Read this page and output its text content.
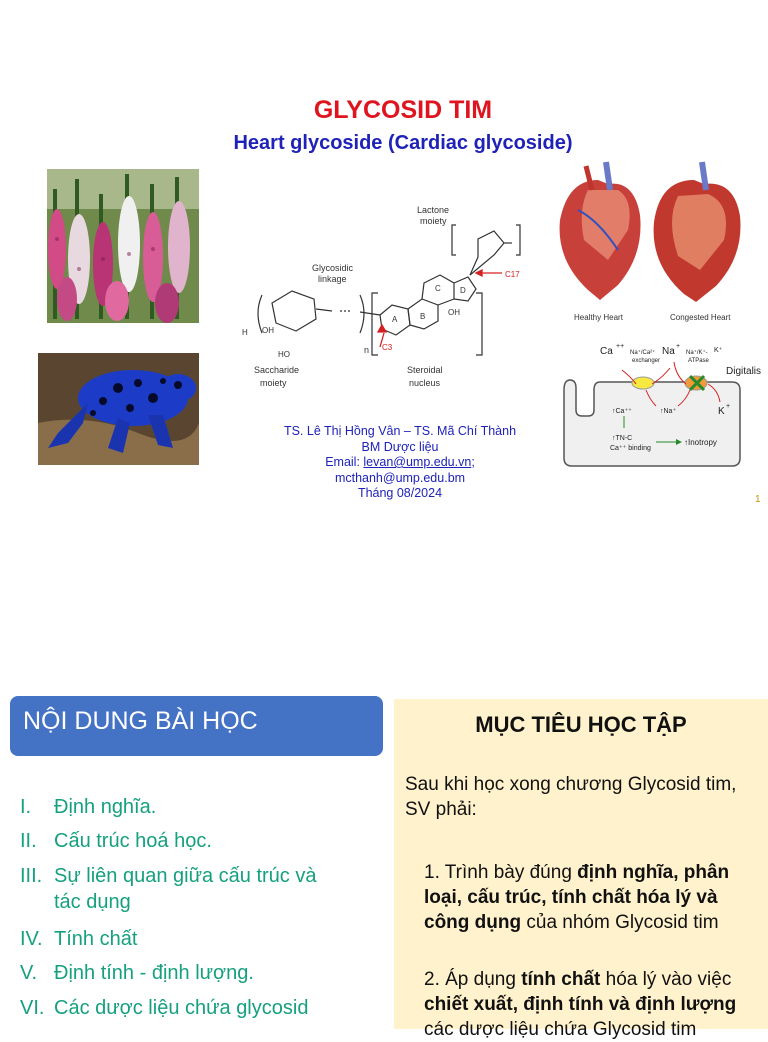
GLYCOSID TIM
Heart glycoside (Cardiac glycoside)
Lactone
moiety
Glycosidic
linkage	C17
C3
A	B
C D
OH
OH
HO
H
n
Saccharide
moiety
Steroidal
nucleus
Healthy Heart	Congested Heart
Ca ++
Na⁺/Ca²⁺
exchanger
Na +
Na⁺/K⁺-
ATPase
K⁺
Digitalis
↑Ca⁺⁺	↑Na⁺	K +
↑TN-C
Ca⁺⁺ binding
↑Inotropy
TS. Lê Thị Hồng Vân – TS. Mã Chí Thành
BM Dược liệu
Email: levan@ump.edu.vn;
mcthanh@ump.edu.bm
Tháng 08/2024	1
NỘI DUNG BÀI HỌC
I. Định nghĩa.
II. Cấu trúc hoá học.
III. Sự liên quan giữa cấu trúc và
tác dụng
IV. Tính chất
V. Định tính - định lượng.
VI. Các dược liệu chứa glycosid
MỤC TIÊU HỌC TẬP
Sau khi học xong chương Glycosid tim, SV phải:
1. Trình bày đúng định nghĩa, phân loại, cấu trúc, tính chất hóa lý và công dụng của nhóm Glycosid tim
2. Áp dụng tính chất hóa lý vào việc chiết xuất, định tính và định lượng các dược liệu chứa Glycosid tim
